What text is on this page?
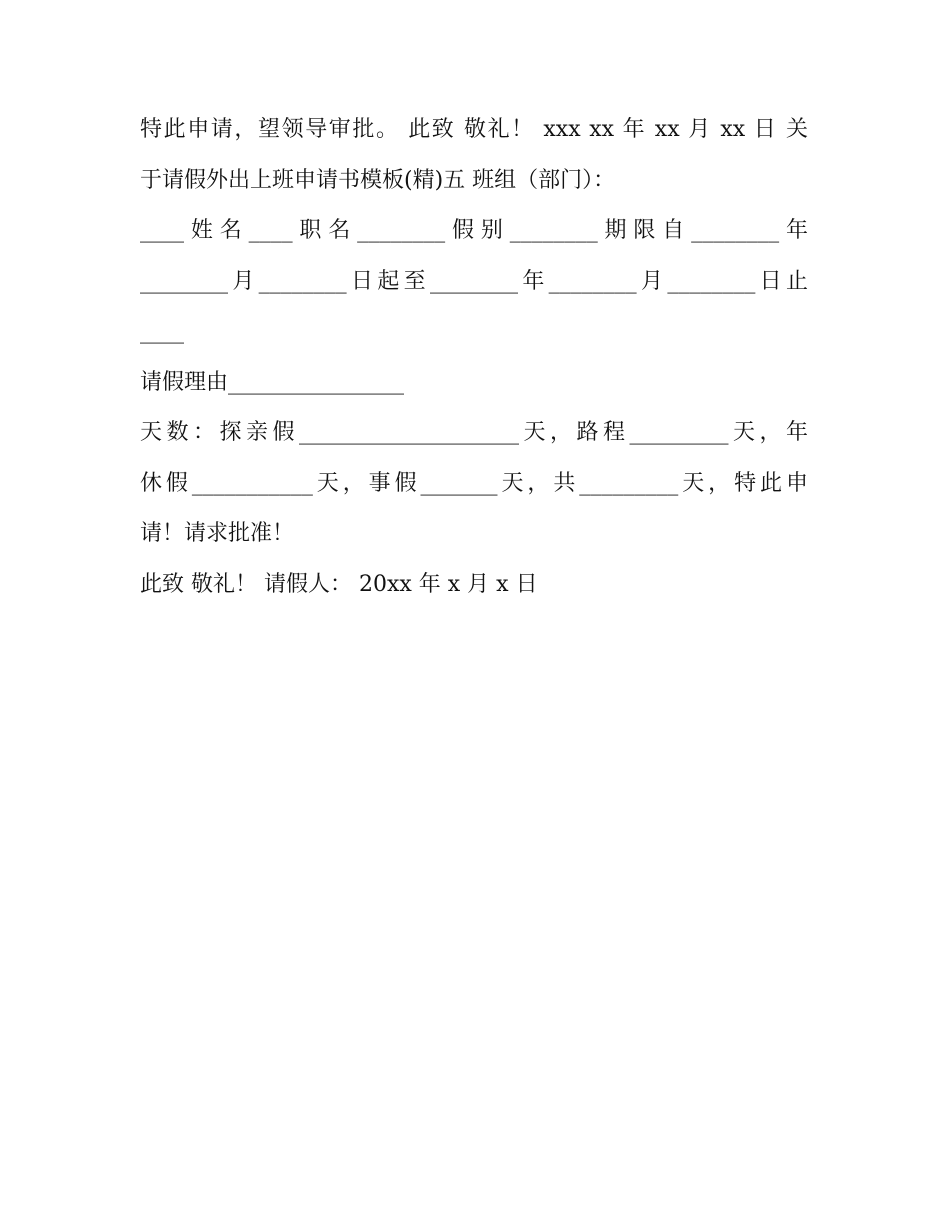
特此申请，望领导审批。 此致 敬礼！ xxx xx 年 xx 月 xx 日 关
于请假外出上班申请书模板(精)五 班组（部门）：
____姓名____职名________假别________期限自________年
________月________日起至________年________月________日止
____
请假理由________________
天数：探亲假____________________天，路程_________天，年
休假___________天，事假_______天，共_________天，特此申
请！请求批准！
此致 敬礼！ 请假人： 20xx 年 x 月 x 日
